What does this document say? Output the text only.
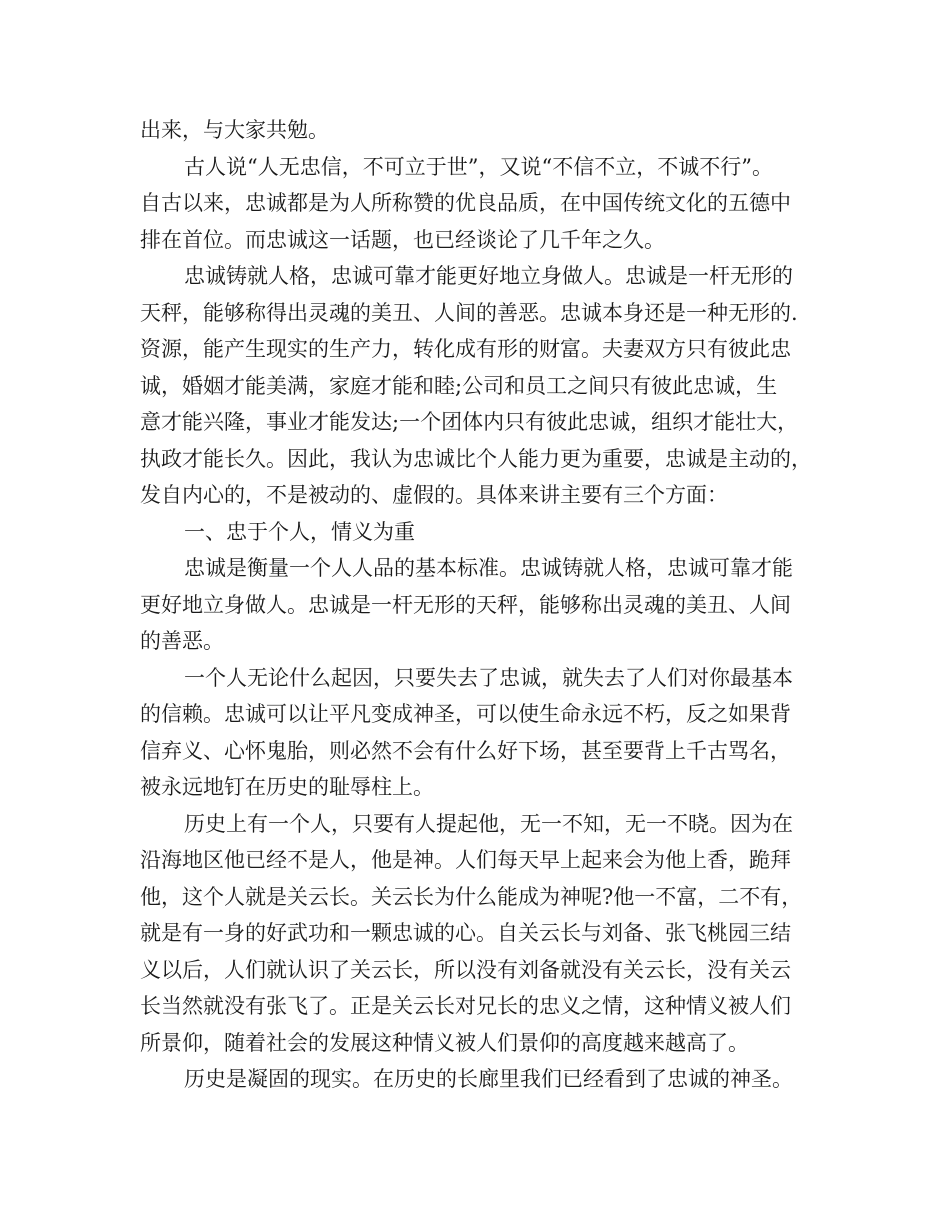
出来，与大家共勉。
古人说“人无忠信，不可立于世”，又说“不信不立，不诚不行”。
自古以来，忠诚都是为人所称赞的优良品质，在中国传统文化的五德中
排在首位。而忠诚这一话题，也已经谈论了几千年之久。
忠诚铸就人格，忠诚可靠才能更好地立身做人。忠诚是一杆无形的
天秤，能够称得出灵魂的美丑、人间的善恶。忠诚本身还是一种无形的.
资源，能产生现实的生产力，转化成有形的财富。夫妻双方只有彼此忠
诚，婚姻才能美满，家庭才能和睦;公司和员工之间只有彼此忠诚，生
意才能兴隆，事业才能发达;一个团体内只有彼此忠诚，组织才能壮大，
执政才能长久。因此，我认为忠诚比个人能力更为重要，忠诚是主动的，
发自内心的，不是被动的、虚假的。具体来讲主要有三个方面：
一、忠于个人，情义为重
忠诚是衡量一个人人品的基本标准。忠诚铸就人格，忠诚可靠才能
更好地立身做人。忠诚是一杆无形的天秤，能够称出灵魂的美丑、人间
的善恶。
一个人无论什么起因，只要失去了忠诚，就失去了人们对你最基本
的信赖。忠诚可以让平凡变成神圣，可以使生命永远不朽，反之如果背
信弃义、心怀鬼胎，则必然不会有什么好下场，甚至要背上千古骂名，
被永远地钉在历史的耻辱柱上。
历史上有一个人，只要有人提起他，无一不知，无一不晓。因为在
沿海地区他已经不是人，他是神。人们每天早上起来会为他上香，跪拜
他，这个人就是关云长。关云长为什么能成为神呢?他一不富，二不有，
就是有一身的好武功和一颗忠诚的心。自关云长与刘备、张飞桃园三结
义以后，人们就认识了关云长，所以没有刘备就没有关云长，没有关云
长当然就没有张飞了。正是关云长对兄长的忠义之情，这种情义被人们
所景仰，随着社会的发展这种情义被人们景仰的高度越来越高了。
历史是凝固的现实。在历史的长廊里我们已经看到了忠诚的神圣。
